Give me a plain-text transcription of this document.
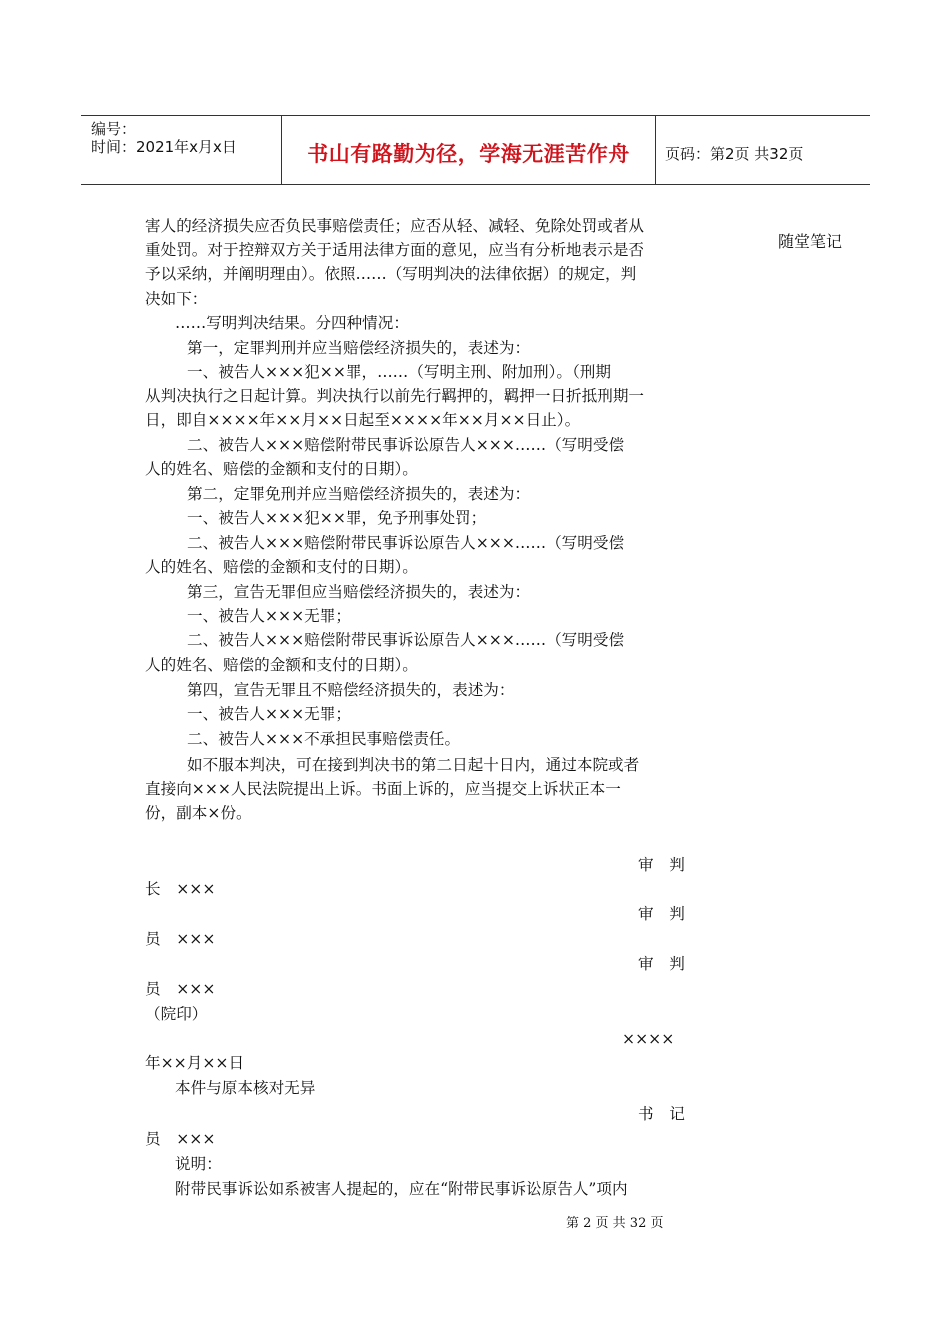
编号：
时间：2021年x月x日	书山有路勤为径，学海无涯苦作舟	页码：第2页 共32页
随堂笔记
害人的经济损失应否负民事赔偿责任；应否从轻、减轻、免除处罚或者从
重处罚。对于控辩双方关于适用法律方面的意见，应当有分析地表示是否
予以采纳，并阐明理由）。依照……（写明判决的法律依据）的规定，判
决如下：
……写明判决结果。分四种情况：
第一，定罪判刑并应当赔偿经济损失的，表述为：
一、被告人×××犯××罪，……（写明主刑、附加刑）。（刑期
从判决执行之日起计算。判决执行以前先行羁押的，羁押一日折抵刑期一
日，即自××××年××月××日起至××××年××月××日止）。
二、被告人×××赔偿附带民事诉讼原告人×××……（写明受偿
人的姓名、赔偿的金额和支付的日期）。
第二，定罪免刑并应当赔偿经济损失的，表述为：
一、被告人×××犯××罪，免予刑事处罚；
二、被告人×××赔偿附带民事诉讼原告人×××……（写明受偿
人的姓名、赔偿的金额和支付的日期）。
第三，宣告无罪但应当赔偿经济损失的，表述为：
一、被告人×××无罪；
二、被告人×××赔偿附带民事诉讼原告人×××……（写明受偿
人的姓名、赔偿的金额和支付的日期）。
第四，宣告无罪且不赔偿经济损失的，表述为：
一、被告人×××无罪；
二、被告人×××不承担民事赔偿责任。
如不服本判决，可在接到判决书的第二日起十日内，通过本院或者
直接向×××人民法院提出上诉。书面上诉的，应当提交上诉状正本一
份，副本×份。
审　判
长　×××
审　判
员　×××
审　判
员　×××
（院印）
××××
年××月××日
本件与原本核对无异
书　记
员　×××
说明：
附带民事诉讼如系被害人提起的，应在“附带民事诉讼原告人”项内
第 2 页 共 32 页
